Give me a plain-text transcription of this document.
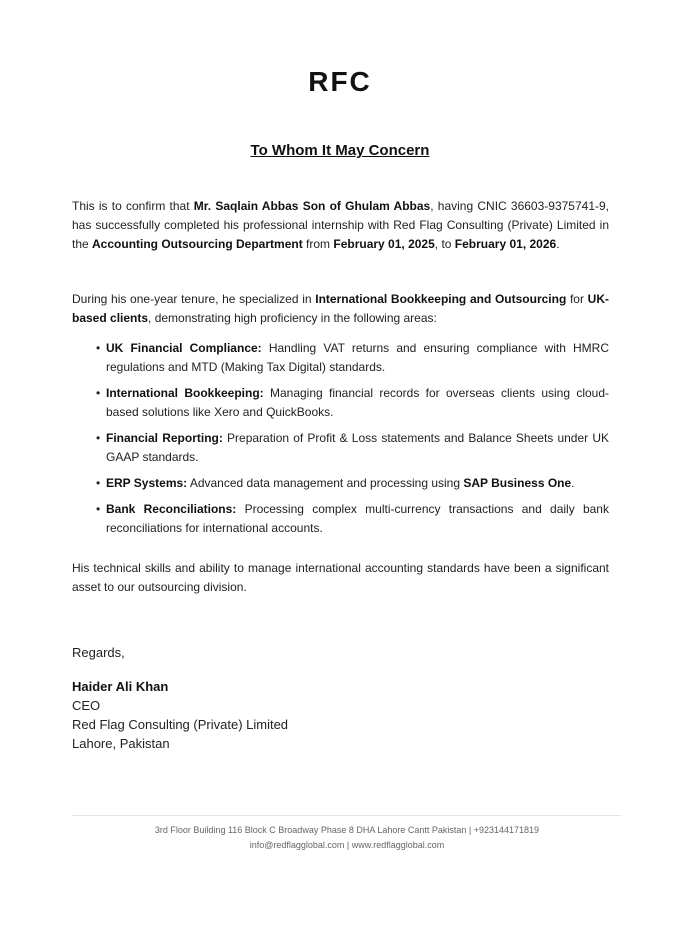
RFC
To Whom It May Concern
This is to confirm that Mr. Saqlain Abbas Son of Ghulam Abbas, having CNIC 36603-9375741-9, has successfully completed his professional internship with Red Flag Consulting (Private) Limited in the Accounting Outsourcing Department from February 01, 2025, to February 01, 2026.
During his one-year tenure, he specialized in International Bookkeeping and Outsourcing for UK-based clients, demonstrating high proficiency in the following areas:
• UK Financial Compliance: Handling VAT returns and ensuring compliance with HMRC regulations and MTD (Making Tax Digital) standards.
• International Bookkeeping: Managing financial records for overseas clients using cloud-based solutions like Xero and QuickBooks.
• Financial Reporting: Preparation of Profit & Loss statements and Balance Sheets under UK GAAP standards.
• ERP Systems: Advanced data management and processing using SAP Business One.
• Bank Reconciliations: Processing complex multi-currency transactions and daily bank reconciliations for international accounts.
His technical skills and ability to manage international accounting standards have been a significant asset to our outsourcing division.
Regards,
Haider Ali Khan
CEO
Red Flag Consulting (Private) Limited
Lahore, Pakistan
3rd Floor Building 116 Block C Broadway Phase 8 DHA Lahore Cantt Pakistan | +923144171819
info@redflagglobal.com | www.redflagglobal.com
